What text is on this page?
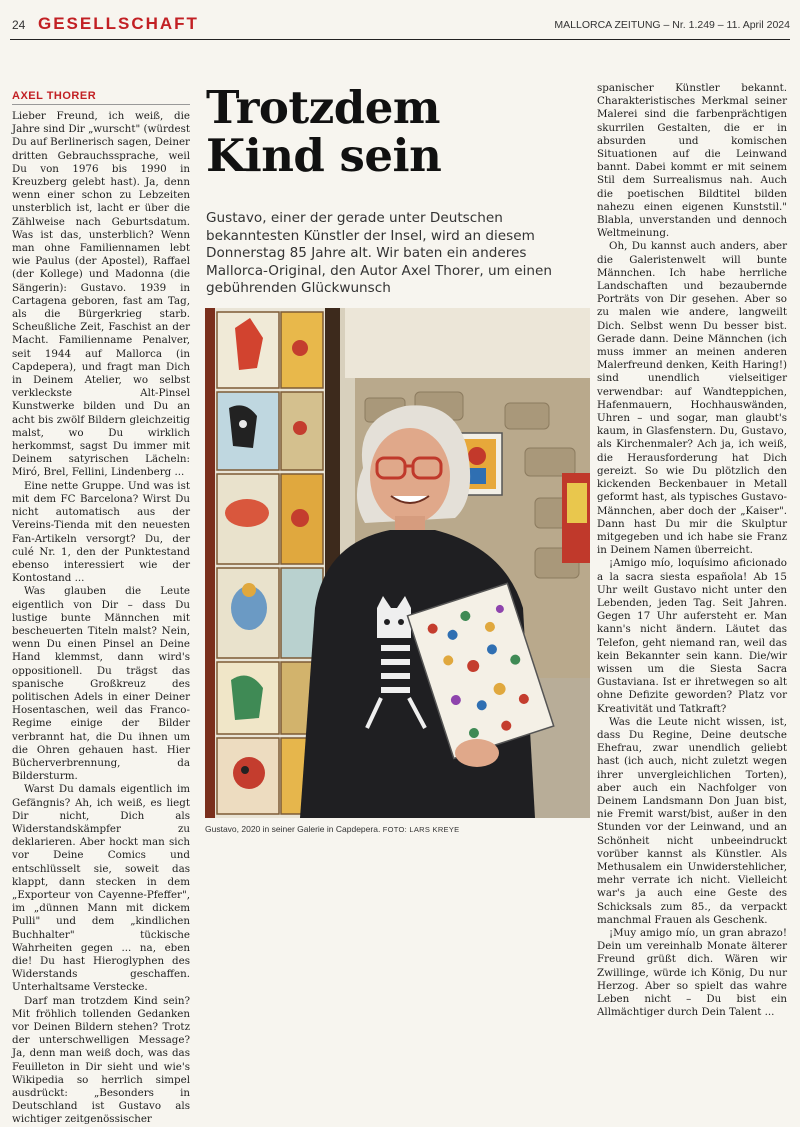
24 GESELLSCHAFT	MALLORCA ZEITUNG – Nr. 1.249 – 11. April 2024
AXEL THORER

Lieber Freund, ich weiß, die Jahre sind Dir „wurscht" (würdest Du auf Berlinerisch sagen, Deiner dritten Gebrauchssprache, weil Du von 1976 bis 1990 in Kreuzberg gelebt hast). Ja, denn wenn einer schon zu Lebzeiten unsterblich ist, lacht er über die Zählweise nach Geburtsdatum. Was ist das, unsterblich? Wenn man ohne Familiennamen lebt wie Paulus (der Apostel), Raffael (der Kollege) und Madonna (die Sängerin): Gustavo. 1939 in Cartagena geboren, fast am Tag, als die Bürgerkrieg starb. Scheußliche Zeit, Faschist an der Macht. Familienname Penalver, seit 1944 auf Mallorca (in Capdepera), und fragt man Dich in Deinem Atelier, wo selbst verkleckste Alt-Pinsel Kunstwerke bilden und Du an acht bis zwölf Bildern gleichzeitig malst, wo Du wirklich herkommst, sagst Du immer mit Deinem satyrischen Lächeln: Miró, Brel, Fellini, Lindenberg ...

Eine nette Gruppe. Und was ist mit dem FC Barcelona? Wirst Du nicht automatisch aus der Vereins-Tienda mit den neuesten Fan-Artikeln versorgt? Du, der culé Nr. 1, den der Punktestand ebenso interessiert wie der Kontostand ...

Was glauben die Leute eigentlich von Dir – dass Du lustige bunte Männchen mit bescheuerten Titeln malst? Nein, wenn Du einen Pinsel an Deine Hand klemmst, dann wird's oppositionell. Du trägst das spanische Großkreuz des politischen Adels in einer Deiner Hosentaschen, weil das Franco-Regime einige der Bilder verbrannt hat, die Du ihnen um die Ohren gehauen hast. Hier Bücherverbrennung, da Bildersturm.

Warst Du damals eigentlich im Gefängnis? Ah, ich weiß, es liegt Dir nicht, Dich als Widerstandskämpfer zu deklarieren. Aber hockt man sich vor Deine Comics und entschlüsselt sie, soweit das klappt, dann stecken in dem „Exporteur von Cayenne-Pfeffer", im „dünnen Mann mit dickem Pulli" und dem „kindlichen Buchhalter" tückische Wahrheiten gegen ... na, eben die! Du hast Hieroglyphen des Widerstands geschaffen. Unterhaltsame Verstecke.

Darf man trotzdem Kind sein? Mit fröhlich tollenden Gedanken vor Deinen Bildern stehen? Trotz der unterschwelligen Message? Ja, denn man weiß doch, was das Feuilleton in Dir sieht und wie's Wikipedia so herrlich simpel ausdrückt: „Besonders in Deutschland ist Gustavo als wichtiger zeitgenössischer

Trotzdem
Kind sein
Gustavo, einer der gerade unter Deutschen bekanntesten Künstler der Insel, wird an diesem Donnerstag 85 Jahre alt. Wir baten ein anderes Mallorca-Original, den Autor Axel Thorer, um einen gebührenden Glückwunsch
Gustavo, 2020 in seiner Galerie in Capdepera. FOTO: LARS KREYE

spanischer Künstler bekannt. Charakteristisches Merkmal seiner Malerei sind die farbenprächtigen skurrilen Gestalten, die er in absurden und komischen Situationen auf die Leinwand bannt. Dabei kommt er mit seinem Stil dem Surrealismus nah. Auch die poetischen Bildtitel bilden nahezu einen eigenen Kunststil." Blabla, unverstanden und dennoch Weltmeinung.

Oh, Du kannst auch anders, aber die Galeristenwelt will bunte Männchen. Ich habe herrliche Landschaften und bezaubernde Porträts von Dir gesehen. Aber so zu malen wie andere, langweilt Dich. Selbst wenn Du besser bist. Gerade dann. Deine Männchen (ich muss immer an meinen anderen Malerfreund denken, Keith Haring!) sind unendlich vielseitiger verwendbar: auf Wandteppichen, Hafenmauern, Hochhauswänden, Uhren – und sogar, man glaubt's kaum, in Glasfenstern. Du, Gustavo, als Kirchenmaler? Ach ja, ich weiß, die Herausforderung hat Dich gereizt. So wie Du plötzlich den kickenden Beckenbauer in Metall geformt hast, als typisches Gustavo-Männchen, aber doch der „Kaiser". Dann hast Du mir die Skulptur mitgegeben und ich habe sie Franz in Deinem Namen überreicht.

¡Amigo mío, loquísimo aficionado a la sacra siesta española! Ab 15 Uhr weilt Gustavo nicht unter den Lebenden, jeden Tag. Seit Jahren. Gegen 17 Uhr aufersteht er. Man kann's nicht ändern. Läutet das Telefon, geht niemand ran, weil das kein Bekannter sein kann. Die/wir wissen um die Siesta Sacra Gustaviana. Ist er ihretwegen so alt ohne Defizite geworden? Platz vor Kreativität und Tatkraft?

Was die Leute nicht wissen, ist, dass Du Regine, Deine deutsche Ehefrau, zwar unendlich geliebt hast (ich auch, nicht zuletzt wegen ihrer unvergleichlichen Torten), aber auch ein Nachfolger von Deinem Landsmann Don Juan bist, nie Fremit warst/bist, außer in den Stunden vor der Leinwand, und an Schönheit nicht unbeeindruckt vorüber kannst als Künstler. Als Methusalem ein Unwiderstehlicher, mehr verrate ich nicht. Vielleicht war's ja auch eine Geste des Schicksals zum 85., da verpackt manchmal Frauen als Geschenk.

¡Muy amigo mío, un gran abrazo! Dein um vereinhalb Monate älterer Freund grüßt dich. Wären wir Zwillinge, würde ich König, Du nur Herzog. Aber so spielt das wahre Leben nicht – Du bist ein Allmächtiger durch Dein Talent ...
